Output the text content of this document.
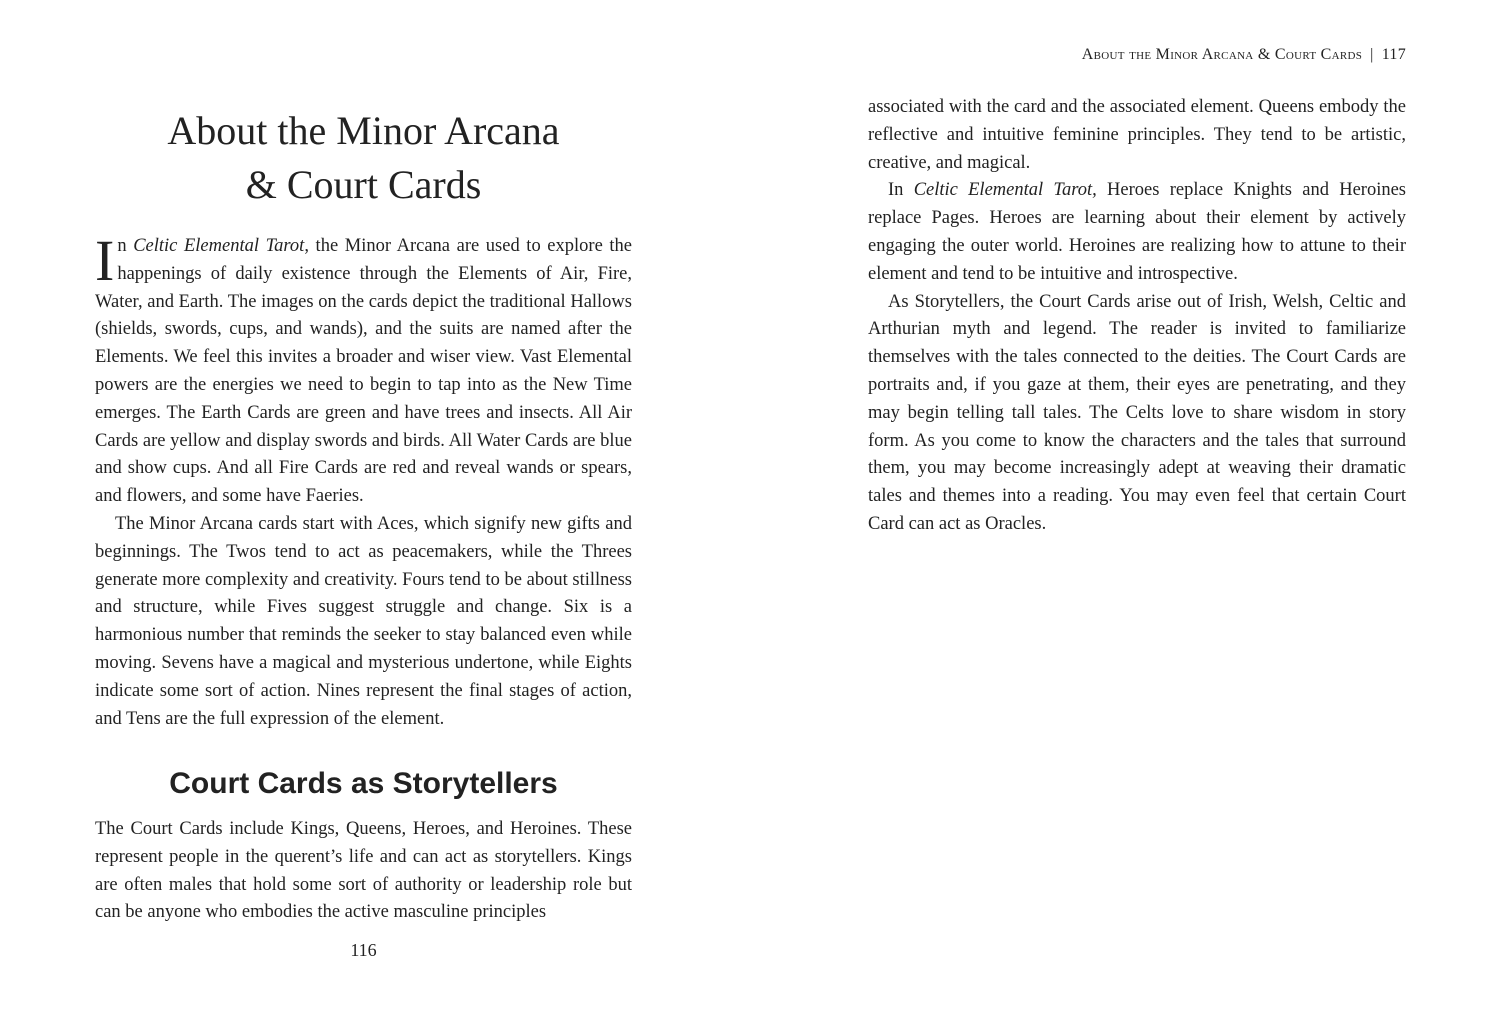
About the Minor Arcana
& Court Cards

In Celtic Elemental Tarot, the Minor Arcana are used to explore the happenings of daily existence through the Elements of Air, Fire, Water, and Earth. The images on the cards depict the traditional Hallows (shields, swords, cups, and wands), and the suits are named after the Elements. We feel this invites a broader and wiser view. Vast Elemental powers are the energies we need to begin to tap into as the New Time emerges. The Earth Cards are green and have trees and insects. All Air Cards are yellow and display swords and birds. All Water Cards are blue and show cups. And all Fire Cards are red and reveal wands or spears, and flowers, and some have Faeries.

The Minor Arcana cards start with Aces, which signify new gifts and beginnings. The Twos tend to act as peacemakers, while the Threes generate more complexity and creativity. Fours tend to be about stillness and structure, while Fives suggest struggle and change. Six is a harmonious number that reminds the seeker to stay balanced even while moving. Sevens have a magical and mysterious undertone, while Eights indicate some sort of action. Nines represent the final stages of action, and Tens are the full expression of the element.

Court Cards as Storytellers

The Court Cards include Kings, Queens, Heroes, and Heroines. These represent people in the querent’s life and can act as storytellers. Kings are often males that hold some sort of authority or leadership role but can be anyone who embodies the active masculine principles

116
About the Minor Arcana & Court Cards | 117

associated with the card and the associated element. Queens embody the reflective and intuitive feminine principles. They tend to be artistic, creative, and magical.

In Celtic Elemental Tarot, Heroes replace Knights and Heroines replace Pages. Heroes are learning about their element by actively engaging the outer world. Heroines are realizing how to attune to their element and tend to be intuitive and introspective.

As Storytellers, the Court Cards arise out of Irish, Welsh, Celtic and Arthurian myth and legend. The reader is invited to familiarize themselves with the tales connected to the deities. The Court Cards are portraits and, if you gaze at them, their eyes are penetrating, and they may begin telling tall tales. The Celts love to share wisdom in story form. As you come to know the characters and the tales that surround them, you may become increasingly adept at weaving their dramatic tales and themes into a reading. You may even feel that certain Court Card can act as Oracles.
